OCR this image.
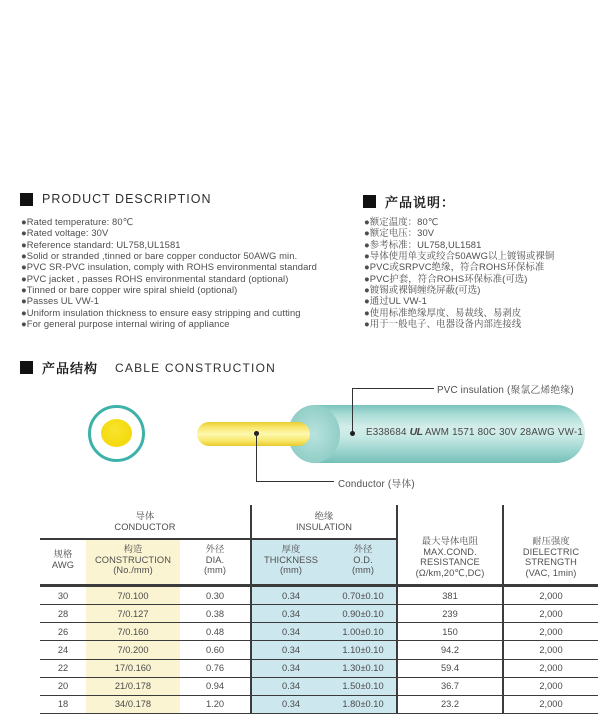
PRODUCT DESCRIPTION	产品说明：
●Rated temperature: 80℃
●Rated voltage: 30V
●Reference standard: UL758,UL1581
●Solid or stranded ,tinned or bare copper conductor 50AWG min.
●PVC SR-PVC insulation, comply with ROHS environmental standard
●PVC jacket , passes ROHS environmental standard (optional)
●Tinned or bare copper wire spiral shield (optional)
●Passes UL VW-1
●Uniform insulation thickness to ensure easy stripping and cutting
●For general purpose internal wiring of appliance
●额定温度：80℃
●额定电压：30V
●参考标准：UL758,UL1581
●导体使用单支或绞合50AWG以上镀锡或裸铜
●PVC或SRPVC绝缘，符合ROHS环保标准
●PVC护套，符合ROHS环保标准(可选)
●镀锡或裸铜缠绕屏蔽(可选)
●通过UL VW-1
●使用标准绝缘厚度、易裁线、易剥皮
●用于一般电子、电器设备内部连接线
产品结构 CABLE CONSTRUCTION
E338684 UL AWM 1571 80C 30V 28AWG VW-1
PVC insulation (聚氯乙烯绝缘)
Conductor (导体)
导体
CONDUCTOR
绝缘
INSULATION
规格
AWG
构造
CONSTRUCTION
(No./mm)
外径
DIA.
(mm)
厚度
THICKNESS
(mm)
外径
O.D.
(mm)
最大导体电阻
MAX.COND.
RESISTANCE
(Ω/km,20℃,DC)
耐压强度
DIELECTRIC
STRENGTH
(VAC, 1min)
30	7/0.100	0.30	0.34	0.70±0.10	381	2,000
28	7/0.127	0.38	0.34	0.90±0.10	239	2,000
26	7/0.160	0.48	0.34	1.00±0.10	150	2,000
24	7/0.200	0.60	0.34	1.10±0.10	94.2	2,000
22	17/0.160	0.76	0.34	1.30±0.10	59.4	2,000
20	21/0.178	0.94	0.34	1.50±0.10	36.7	2,000
18	34/0.178	1.20	0.34	1.80±0.10	23.2	2,000
